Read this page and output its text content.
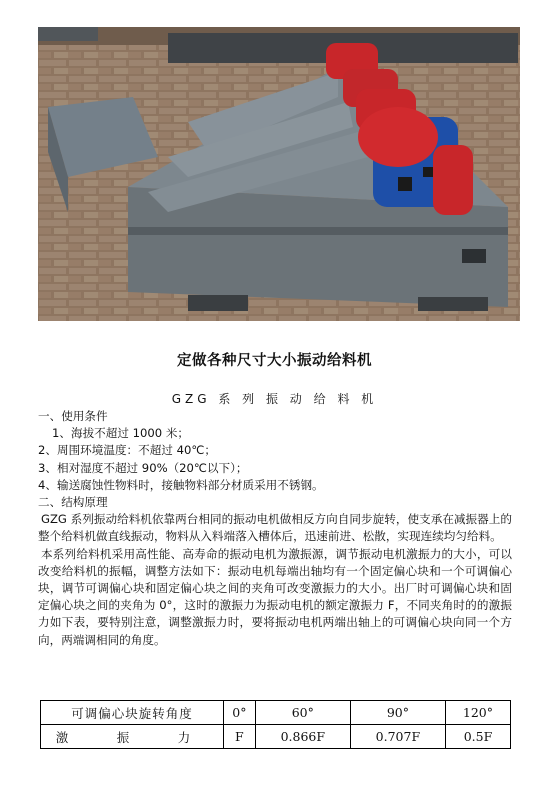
定做各种尺寸大小振动给料机
GZG 系 列 振 动 给 料 机

一、使用条件

1、海拔不超过 1000 米；

2、周围环境温度：不超过 40℃；

3、相对湿度不超过 90%（20℃以下）；

4、输送腐蚀性物料时，接触物料部分材质采用不锈钢。

二、结构原理

GZG 系列振动给料机依靠两台相同的振动电机做相反方向自同步旋转，使支承在减振器上的整个给料机做直线振动，物料从入料端落入槽体后，迅速前进、松散，实现连续均匀给料。

本系列给料机采用高性能、高寿命的振动电机为激振源，调节振动电机激振力的大小，可以改变给料机的振幅，调整方法如下：振动电机每端出轴均有一个固定偏心块和一个可调偏心块，调节可调偏心块和固定偏心块之间的夹角可改变激振力的大小。出厂时可调偏心块和固定偏心块之间的夹角为 0°，这时的激振力为振动电机的额定激振力 F，不同夹角时的的激振力如下表，要特别注意，调整激振力时，要将振动电机两端出轴上的可调偏心块向同一个方向，两端调相同的角度。

可调偏心块旋转角度	0°	60°	90°	120°
激　振　力	F	0.866F	0.707F	0.5F
